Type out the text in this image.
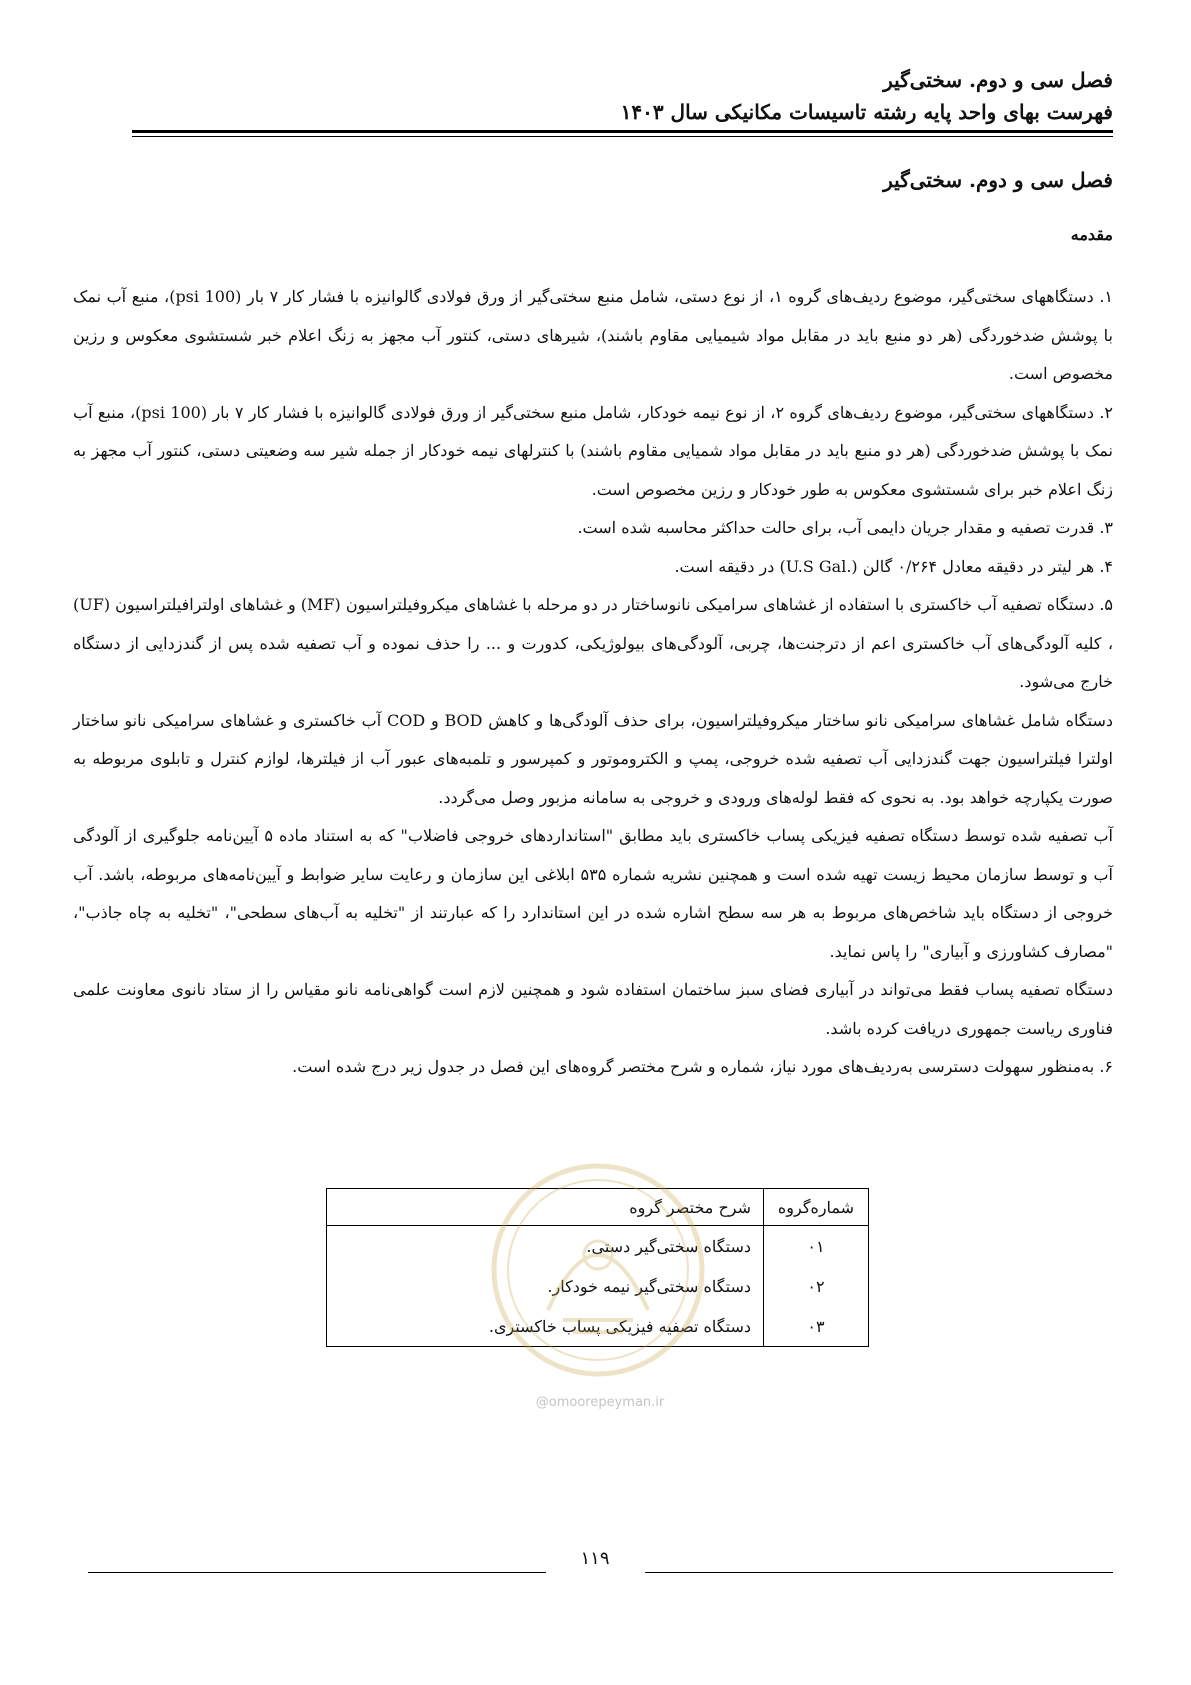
فصل سی و دوم. سختی‌گیر
فهرست بهای واحد پایه رشته تاسیسات مکانیکی سال ۱۴۰۳
فصل سی و دوم. سختی‌گیر
مقدمه

۱. دستگاههای سختی‌گیر، موضوع ردیف‌های گروه ۱، از نوع دستی، شامل منبع سختی‌گیر از ورق فولادی گالوانیزه با فشار کار ۷ بار (100 psi)، منبع آب نمک با پوشش ضدخوردگی (هر دو منبع باید در مقابل مواد شیمیایی مقاوم باشند)، شیرهای دستی، کنتور آب مجهز به زنگ اعلام خبر شستشوی معکوس و رزین مخصوص است.

۲. دستگاههای سختی‌گیر، موضوع ردیف‌های گروه ۲، از نوع نیمه خودکار، شامل منبع سختی‌گیر از ورق فولادی گالوانیزه با فشار کار ۷ بار (100 psi)، منبع آب نمک با پوشش ضدخوردگی (هر دو منبع باید در مقابل مواد شمیایی مقاوم باشند) با کنترلهای نیمه خودکار از جمله شیر سه وضعیتی دستی، کنتور آب مجهز به زنگ اعلام خبر برای شستشوی معکوس به طور خودکار و رزین مخصوص است.

۳. قدرت تصفیه و مقدار جریان دایمی آب، برای حالت حداکثر محاسبه شده است.

۴. هر لیتر در دقیقه معادل ۰/۲۶۴ گالن (.U.S Gal) در دقیقه است.

۵. دستگاه تصفیه آب خاکستری با استفاده از غشاهای سرامیکی نانوساختار در دو مرحله با غشاهای میکروفیلتراسیون (MF) و غشاهای اولترافیلتراسیون (UF) ، کلیه آلودگی‌های آب خاکستری اعم از دترجنت‌ها، چربی، آلودگی‌های بیولوژیکی، کدورت و ... را حذف نموده و آب تصفیه شده پس از گندزدایی از دستگاه خارج می‌شود.

دستگاه شامل غشاهای سرامیکی نانو ساختار میکروفیلتراسیون، برای حذف آلودگی‌ها و کاهش BOD و COD آب خاکستری و غشاهای سرامیکی نانو ساختار اولترا فیلتراسیون جهت گندزدایی آب تصفیه شده خروجی، پمپ و الکتروموتور و کمپرسور و تلمبه‌های عبور آب از فیلترها، لوازم کنترل و تابلوی مربوطه به صورت یکپارچه خواهد بود. به نحوی که فقط لوله‌های ورودی و خروجی به سامانه مزبور وصل می‌گردد.

آب تصفیه شده توسط دستگاه تصفیه فیزیکی پساب خاکستری باید مطابق "استانداردهای خروجی فاضلاب" که به استناد ماده ۵ آیین‌نامه جلوگیری از آلودگی آب و توسط سازمان محیط زیست تهیه شده است و همچنین نشریه شماره ۵۳۵ ابلاغی این سازمان و رعایت سایر ضوابط و آیین‌نامه‌های مربوطه، باشد. آب خروجی از دستگاه باید شاخص‌های مربوط به هر سه سطح اشاره شده در این استاندارد را که عبارتند از "تخلیه به آب‌های سطحی"، "تخلیه به چاه جاذب"، "مصارف کشاورزی و آبیاری" را پاس نماید.

دستگاه تصفیه پساب فقط می‌تواند در آبیاری فضای سبز ساختمان استفاده شود و همچنین لازم است گواهی‌نامه نانو مقیاس را از ستاد نانوی معاونت علمی فناوری ریاست جمهوری دریافت کرده باشد.

۶. به‌منظور سهولت دسترسی به‌ردیف‌های مورد نیاز، شماره و شرح مختصر گروه‌های این فصل در جدول زیر درج شده است.

شماره‌گروه	شرح مختصر گروه
۰۱	دستگاه سختی‌گیر دستی.
۰۲	دستگاه سختی‌گیر نیمه خودکار.
۰۳	دستگاه تصفیه فیزیکی پساب خاکستری.
@omoorepeyman.ir
۱۱۹
